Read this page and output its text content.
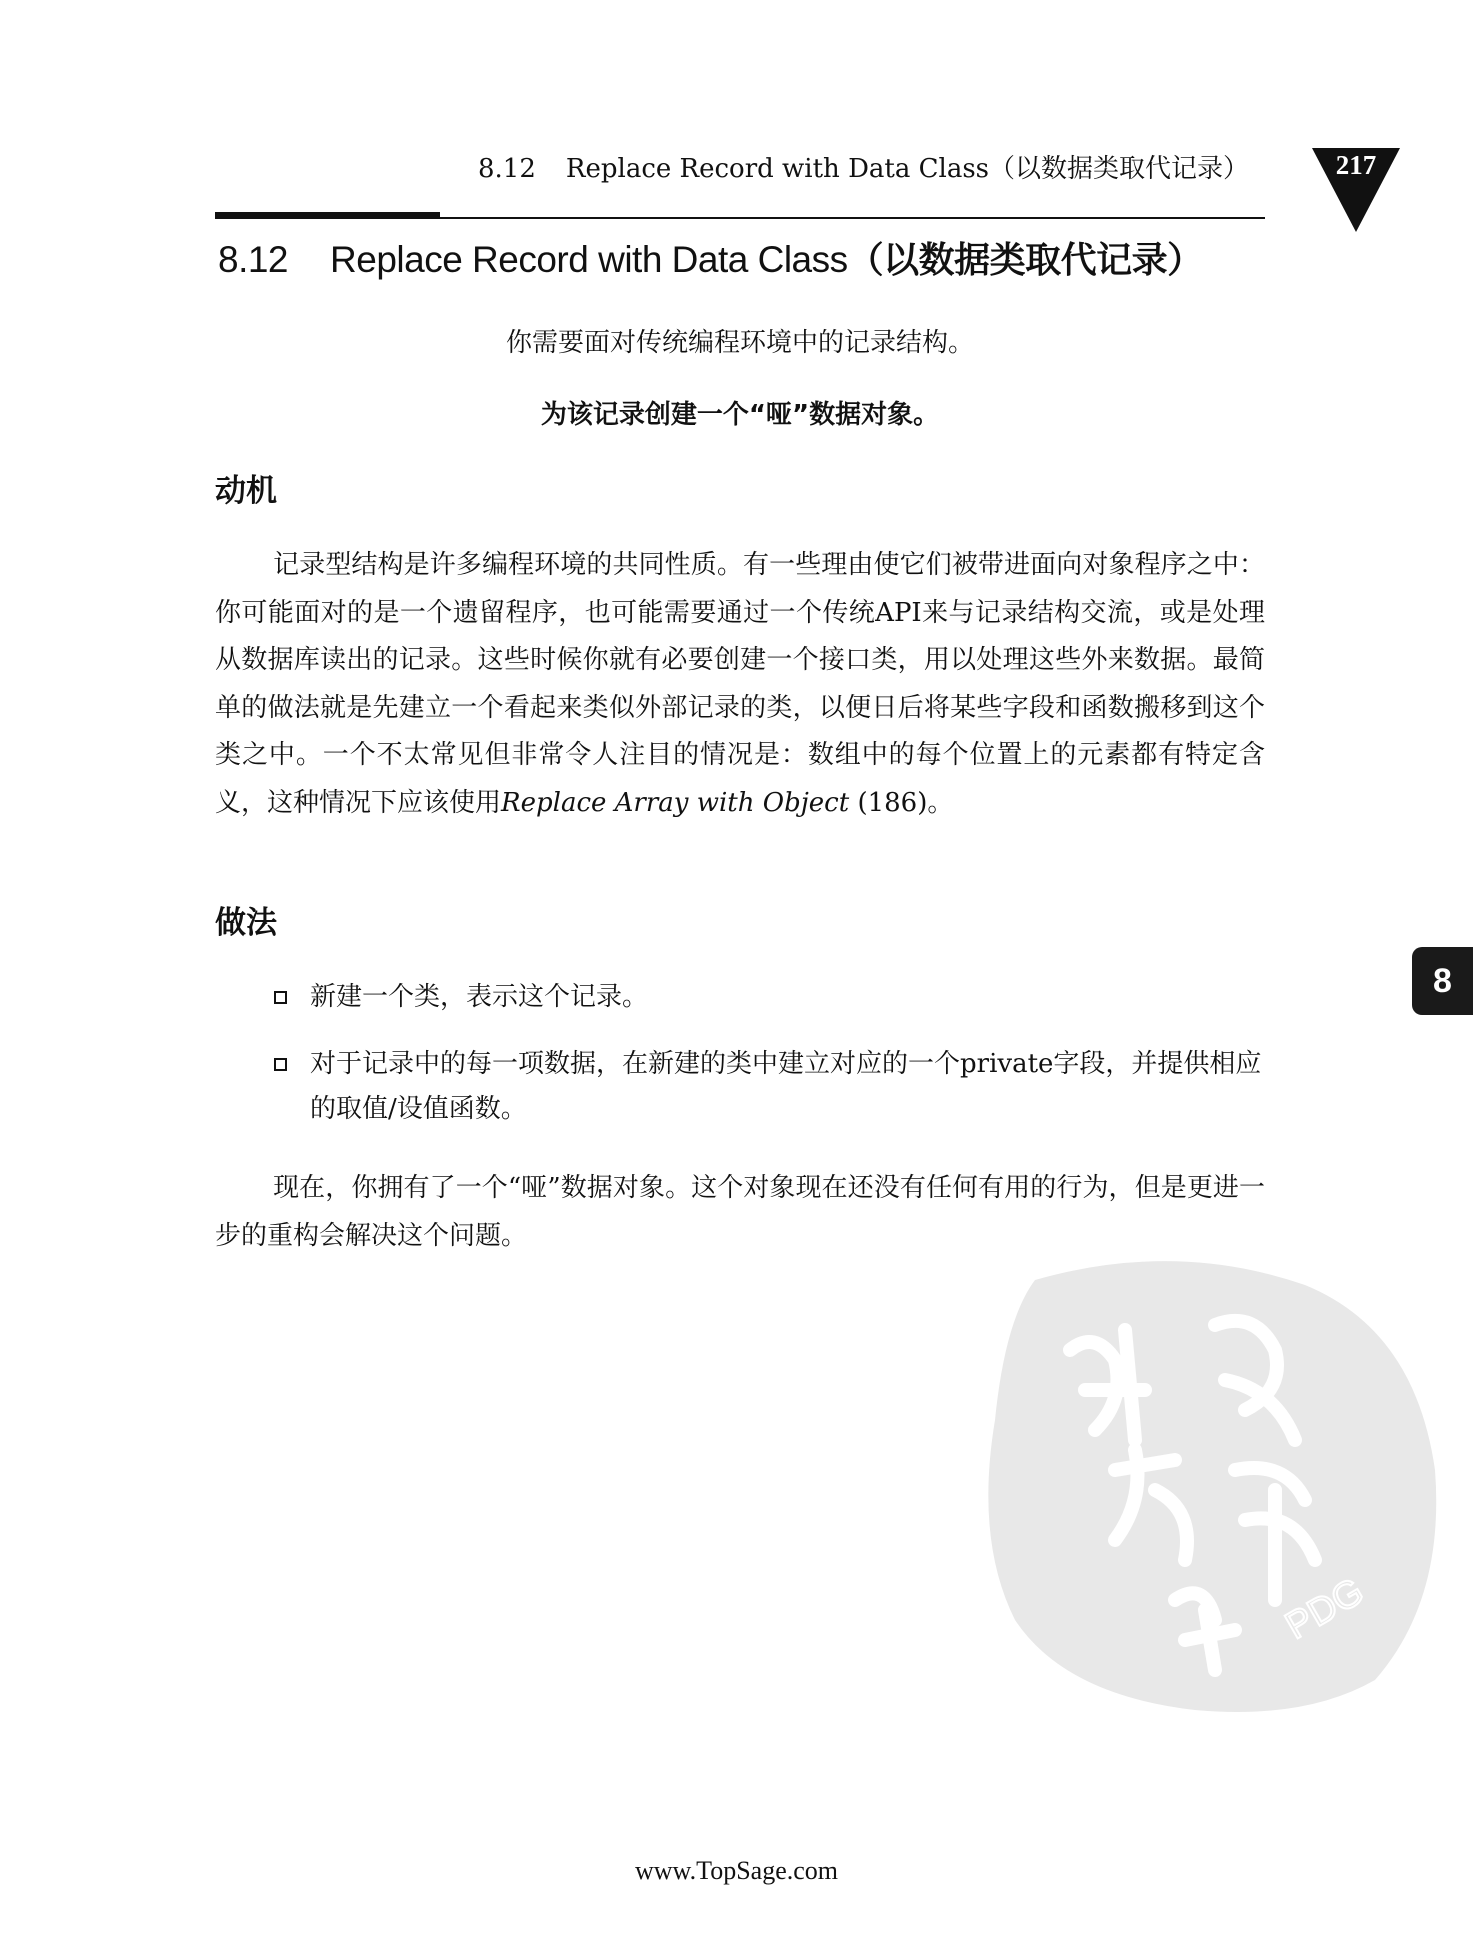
8.12 Replace Record with Data Class（以数据类取代记录）	217
8.12 Replace Record with Data Class（以数据类取代记录）
你需要面对传统编程环境中的记录结构。
为该记录创建一个“哑”数据对象。
动机

记录型结构是许多编程环境的共同性质。有一些理由使它们被带进面向对象程序之中：你可能面对的是一个遗留程序，也可能需要通过一个传统API来与记录结构交流，或是处理从数据库读出的记录。这些时候你就有必要创建一个接口类，用以处理这些外来数据。最简单的做法就是先建立一个看起来类似外部记录的类，以便日后将某些字段和函数搬移到这个类之中。一个不太常见但非常令人注目的情况是：数组中的每个位置上的元素都有特定含义，这种情况下应该使用Replace Array with Object (186)。

做法
新建一个类，表示这个记录。
对于记录中的每一项数据，在新建的类中建立对应的一个private字段，并提供相应的取值/设值函数。

现在，你拥有了一个“哑”数据对象。这个对象现在还没有任何有用的行为，但是更进一步的重构会解决这个问题。

8
PDG
www.TopSage.com
